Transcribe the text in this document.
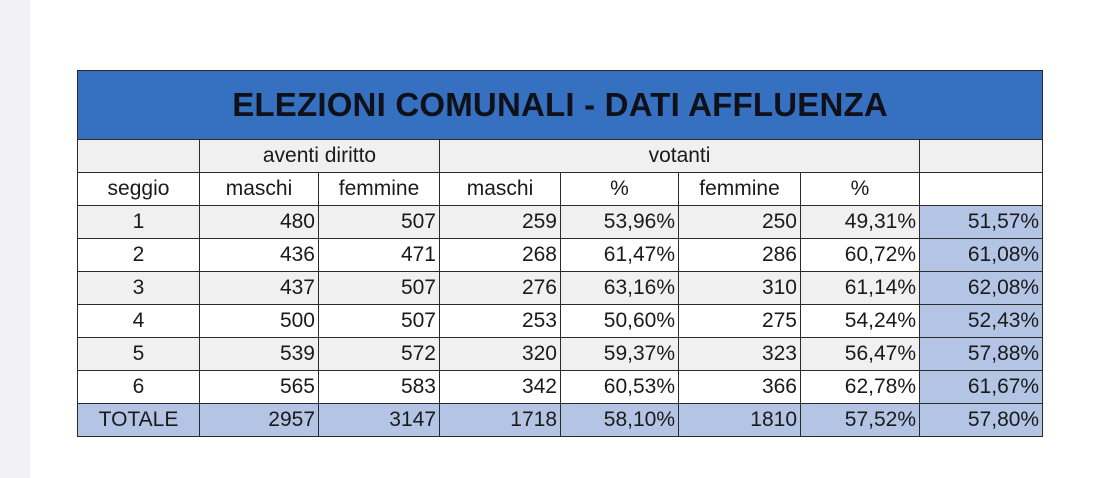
ELEZIONI COMUNALI - DATI AFFLUENZA							
	aventi diritto		votanti				
seggio	maschi	femmine	maschi	%	femmine	%	
1	480	507	259	53,96%	250	49,31%	51,57%
2	436	471	268	61,47%	286	60,72%	61,08%
3	437	507	276	63,16%	310	61,14%	62,08%
4	500	507	253	50,60%	275	54,24%	52,43%
5	539	572	320	59,37%	323	56,47%	57,88%
6	565	583	342	60,53%	366	62,78%	61,67%
TOTALE	2957	3147	1718	58,10%	1810	57,52%	57,80%
